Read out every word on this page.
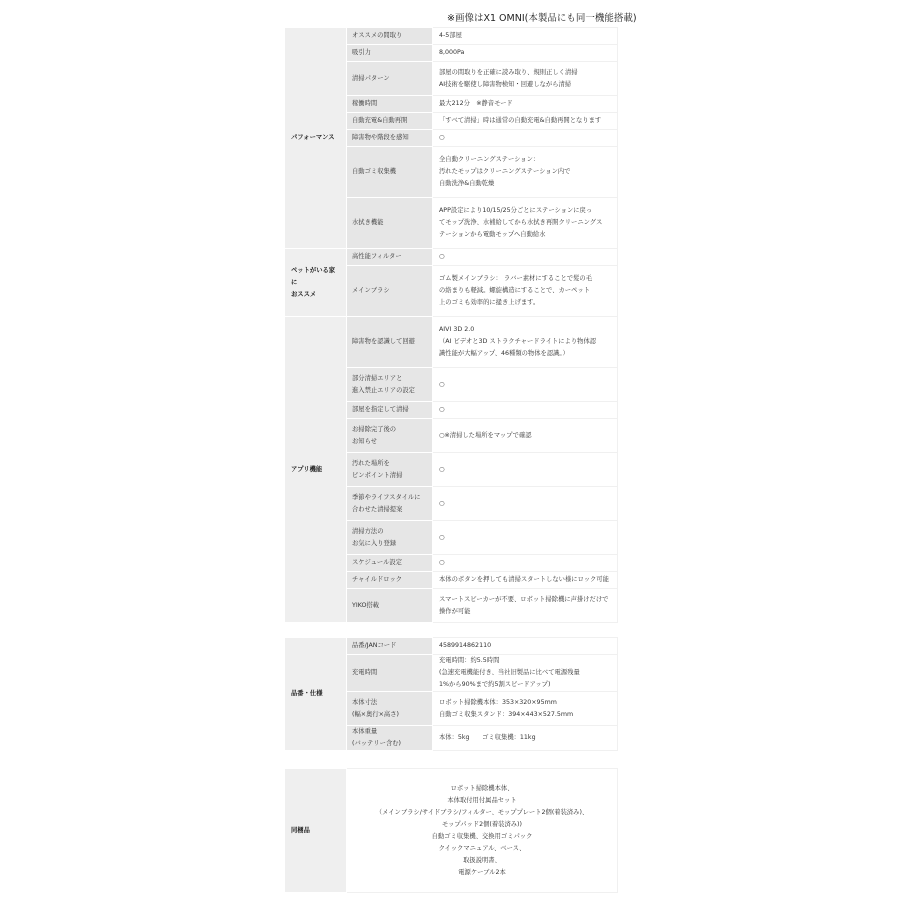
※画像はX1 OMNI(本製品にも同一機能搭載)
パフォーマンス	オススメの間取り	4-5部屋

	吸引力	8,000Pa

	清掃パターン	部屋の間取りを正確に読み取り、規則正しく清掃
AI技術を駆使し障害物検知・回避しながら清掃

	稼働時間	最大212分　※静音モード

	自動充電&自動再開	「すべて清掃」時は通常の自動充電&自動再開となります

	障害物や階段を感知	○

	自動ゴミ収集機	全自動クリーニングステーション：
汚れたモップはクリーニングステーション内で
自動洗浄&自動乾燥

	水拭き機能	APP設定により10/15/25分ごとにステーションに戻っ
てモップ洗浄、水補給してから水拭き再開クリーニングス
テーションから電動モップへ自動給水

ペットがいる家に
おススメ	高性能フィルター	○

	メインブラシ	ゴム製メインブラシ： ラバー素材にすることで髪の毛
の絡まりも軽減。螺旋構造にすることで、カーペット
上のゴミも効率的に掻き上げます。

アプリ機能	障害物を認識して回避	AIVI 3D 2.0
（AI ビデオと3D ストラクチャードライトにより物体認
識性能が大幅アップ、46種類の物体を認識。）

	部分清掃エリアと
進入禁止エリアの設定	○

	部屋を指定して清掃	○

	お掃除完了後の
お知らせ	○※清掃した場所をマップで確認

	汚れた場所を
ピンポイント清掃	○

	季節やライフスタイルに
合わせた清掃提案	○

	清掃方法の
お気に入り登録	○

	スケジュール設定	○

	チャイルドロック	本体のボタンを押しても清掃スタートしない様にロック可能

	YIKO搭載	スマートスピーカーが不要、ロボット掃除機に声掛けだけで
操作が可能
品番・仕様	品番/JANコード	4589914862110

	充電時間	充電時間：約5.5時間
(急速充電機能付き、当社旧製品に比べて電源残量
1%から90%まで約5割スピードアップ)

	本体寸法
(幅×奥行×高さ)	ロボット掃除機本体：353×320×95mm
自動ゴミ収集スタンド：394×443×527.5mm

	本体重量
(バッテリー含む)	本体：5kg　　ゴミ収集機：11kg
同梱品	
ロボット掃除機本体、
本体取付用付属品セット
（メインブラシ/サイドブラシ/フィルター、モッププレート2個(着装済み)、
モップパッド2個(着装済み))
自動ゴミ収集機、交換用ゴミパック
クイックマニュアル、ベース、
取扱説明書、
電源ケーブル2本
